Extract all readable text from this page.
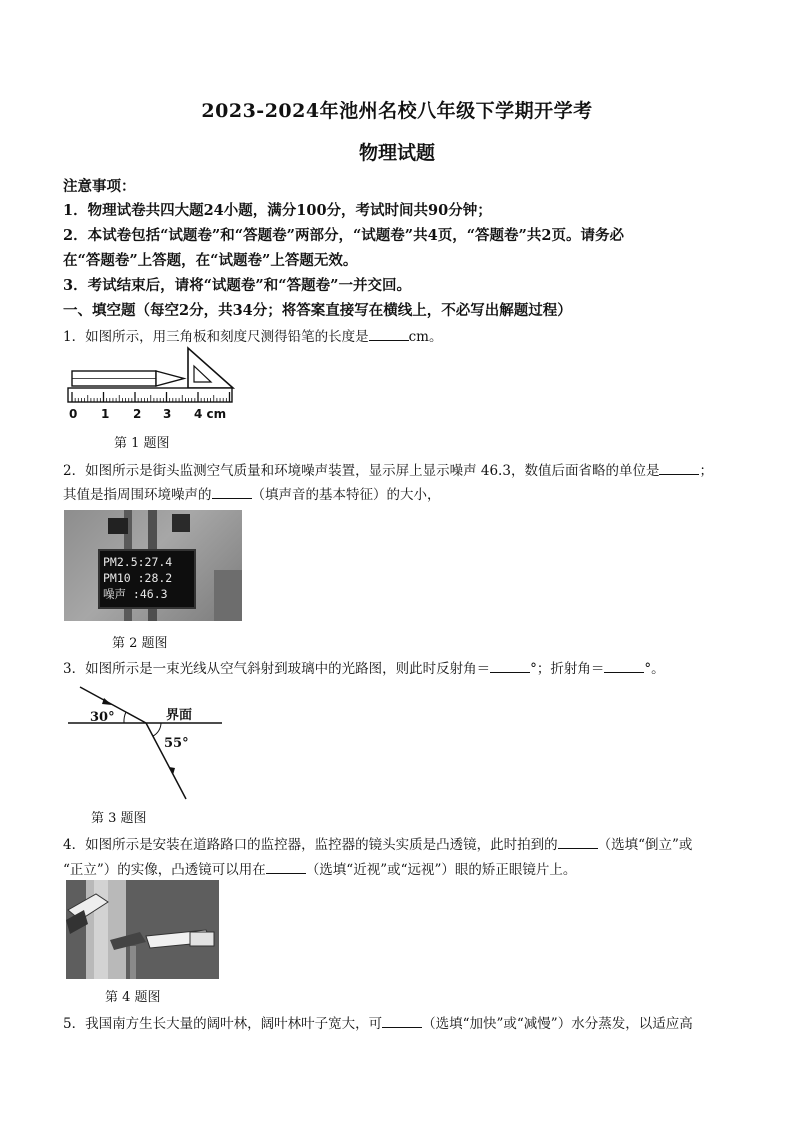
2023-2024年池州名校八年级下学期开学考
物理试题
注意事项：
1．物理试卷共四大题24小题，满分100分，考试时间共90分钟；
2．本试卷包括“试题卷”和“答题卷”两部分，“试题卷”共4页，“答题卷”共2页。请务必
在“答题卷”上答题，在“试题卷”上答题无效。
3．考试结束后，请将“试题卷”和“答题卷”一并交回。
一、填空题（每空2分，共34分；将答案直接写在横线上，不必写出解题过程）
1．如图所示，用三角板和刻度尺测得铅笔的长度是	cm。
0 1 2 3 4 cm
第 1 题图
2．如图所示是街头监测空气质量和环境噪声装置，显示屏上显示噪声 46.3，数值后面省略的单位是	；
其值是指周围环境噪声的	（填声音的基本特征）的大小，
PM2.5:27.4
PM10 :28.2
噪声 :46.3
第 2 题图
3．如图所示是一束光线从空气斜射到玻璃中的光路图，则此时反射角＝	°；折射角＝	°。
30°	界面
55°
第 3 题图
4．如图所示是安装在道路路口的监控器，监控器的镜头实质是凸透镜，此时拍到的	（选填“倒立”或
“正立”）的实像，凸透镜可以用在	（选填“近视”或“远视”）眼的矫正眼镜片上。
第 4 题图
5．我国南方生长大量的阔叶林，阔叶林叶子宽大，可	（选填“加快”或“减慢”）水分蒸发，以适应高
